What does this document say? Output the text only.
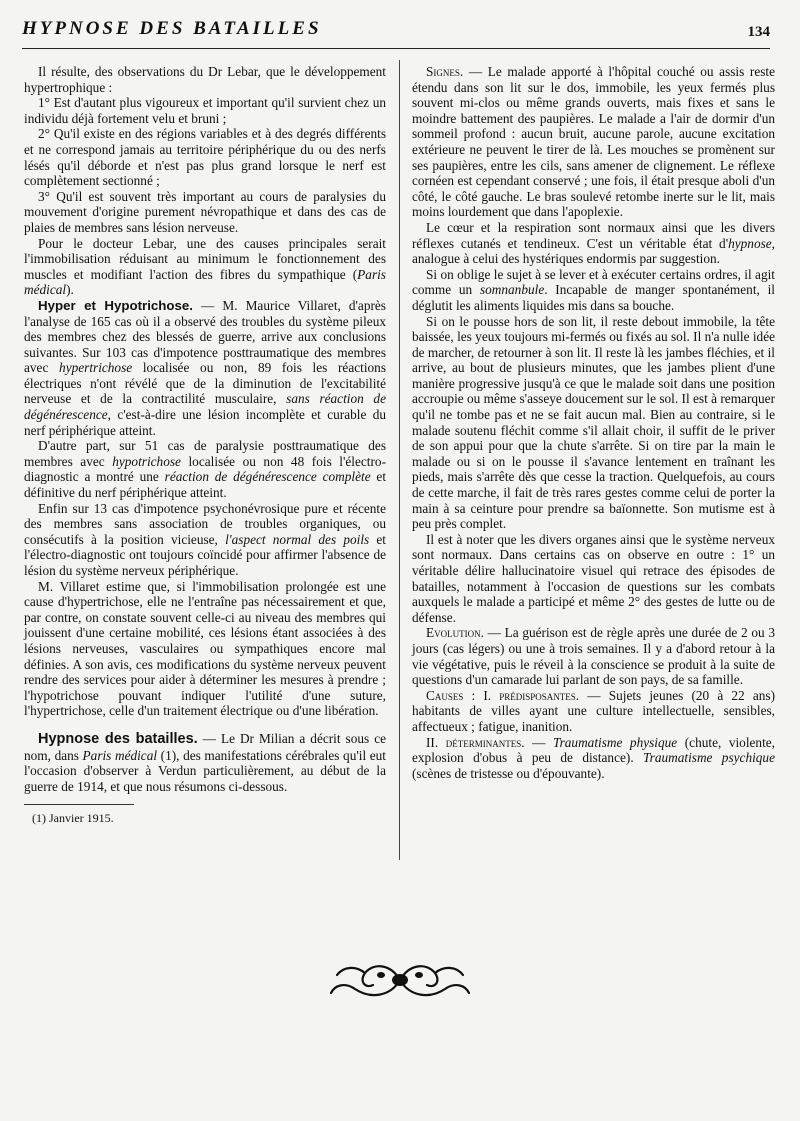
HYPNOSE DES BATAILLES	134

Il résulte, des observations du Dr Lebar, que le développement hypertrophique :

1° Est d'autant plus vigoureux et important qu'il survient chez un individu déjà fortement velu et bruni ;

2° Qu'il existe en des régions variables et à des degrés différents et ne correspond jamais au territoire périphérique du ou des nerfs lésés qu'il déborde et n'est pas plus grand lorsque le nerf est complètement sectionné ;

3° Qu'il est souvent très important au cours de paralysies du mouvement d'origine purement névropathique et dans des cas de plaies de membres sans lésion nerveuse.

Pour le docteur Lebar, une des causes principales serait l'immobilisation réduisant au minimum le fonctionnement des muscles et modifiant l'action des fibres du sympathique (Paris médical).

Hyper et Hypotrichose. — M. Maurice Villaret, d'après l'analyse de 165 cas où il a observé des troubles du système pileux des membres chez des blessés de guerre, arrive aux conclusions suivantes. Sur 103 cas d'impotence posttraumatique des membres avec hypertrichose localisée ou non, 89 fois les réactions électriques n'ont révélé que de la diminution de l'excitabilité nerveuse et de la contractilité musculaire, sans réaction de dégénérescence, c'est-à-dire une lésion incomplète et curable du nerf périphérique atteint.

D'autre part, sur 51 cas de paralysie posttraumatique des membres avec hypotrichose localisée ou non 48 fois l'électro-diagnostic a montré une réaction de dégénérescence complète et définitive du nerf périphérique atteint.

Enfin sur 13 cas d'impotence psychonévrosique pure et récente des membres sans association de troubles organiques, ou consécutifs à la position vicieuse, l'aspect normal des poils et l'électro-diagnostic ont toujours coïncidé pour affirmer l'absence de lésion du système nerveux périphérique.

M. Villaret estime que, si l'immobilisation prolongée est une cause d'hypertrichose, elle ne l'entraîne pas nécessairement et que, par contre, on constate souvent celle-ci au niveau des membres qui jouissent d'une certaine mobilité, ces lésions étant associées à des lésions nerveuses, vasculaires ou sympathiques encore mal définies. A son avis, ces modifications du système nerveux peuvent rendre des services pour aider à déterminer les mesures à prendre ; l'hypotrichose pouvant indiquer l'utilité d'une suture, l'hypertrichose, celle d'un traitement électrique ou d'une libération.

Hypnose des batailles. — Le Dr Milian a décrit sous ce nom, dans Paris médical (1), des manifestations cérébrales qu'il eut l'occasion d'observer à Verdun particulièrement, au début de la guerre de 1914, et que nous résumons ci-dessous.

(1) Janvier 1915.

Signes. — Le malade apporté à l'hôpital couché ou assis reste étendu dans son lit sur le dos, immobile, les yeux fermés plus souvent mi-clos ou même grands ouverts, mais fixes et sans le moindre battement des paupières. Le malade a l'air de dormir d'un sommeil profond : aucun bruit, aucune parole, aucune excitation extérieure ne peuvent le tirer de là. Les mouches se promènent sur ses paupières, entre les cils, sans amener de clignement. Le réflexe cornéen est cependant conservé ; une fois, il était presque aboli d'un côté, le côté gauche. Le bras soulevé retombe inerte sur le lit, mais moins lourdement que dans l'apoplexie.

Le cœur et la respiration sont normaux ainsi que les divers réflexes cutanés et tendineux. C'est un véritable état d'hypnose, analogue à celui des hystériques endormis par suggestion.

Si on oblige le sujet à se lever et à exécuter certains ordres, il agit comme un somnanbule. Incapable de manger spontanément, il déglutit les aliments liquides mis dans sa bouche.

Si on le pousse hors de son lit, il reste debout immobile, la tête baissée, les yeux toujours mi-fermés ou fixés au sol. Il n'a nulle idée de marcher, de retourner à son lit. Il reste là les jambes fléchies, et il arrive, au bout de plusieurs minutes, que les jambes plient d'une manière progressive jusqu'à ce que le malade soit dans une position accroupie ou même s'asseye doucement sur le sol. Il est à remarquer qu'il ne tombe pas et ne se fait aucun mal. Bien au contraire, si le malade soutenu fléchit comme s'il allait choir, il suffit de le priver de son appui pour que la chute s'arrête. Si on tire par la main le malade ou si on le pousse il s'avance lentement en traînant les pieds, mais s'arrête dès que cesse la traction. Quelquefois, au cours de cette marche, il fait de très rares gestes comme celui de porter la main à sa ceinture pour prendre sa baïonnette. Son mutisme est à peu près complet.

Il est à noter que les divers organes ainsi que le système nerveux sont normaux. Dans certains cas on observe en outre : 1° un véritable délire hallucinatoire visuel qui retrace des épisodes de batailles, notamment à l'occasion de questions sur les combats auxquels le malade a participé et même 2° des gestes de lutte ou de défense.

Evolution. — La guérison est de règle après une durée de 2 ou 3 jours (cas légers) ou une à trois semaines. Il y a d'abord retour à la vie végétative, puis le réveil à la conscience se produit à la suite de questions d'un camarade lui parlant de son pays, de sa famille.

Causes : I. prédisposantes. — Sujets jeunes (20 à 22 ans) habitants de villes ayant une culture intellectuelle, sensibles, affectueux ; fatigue, inanition.

II. déterminantes. — Traumatisme physique (chute, violente, explosion d'obus à peu de distance). Traumatisme psychique (scènes de tristesse ou d'épouvante).
